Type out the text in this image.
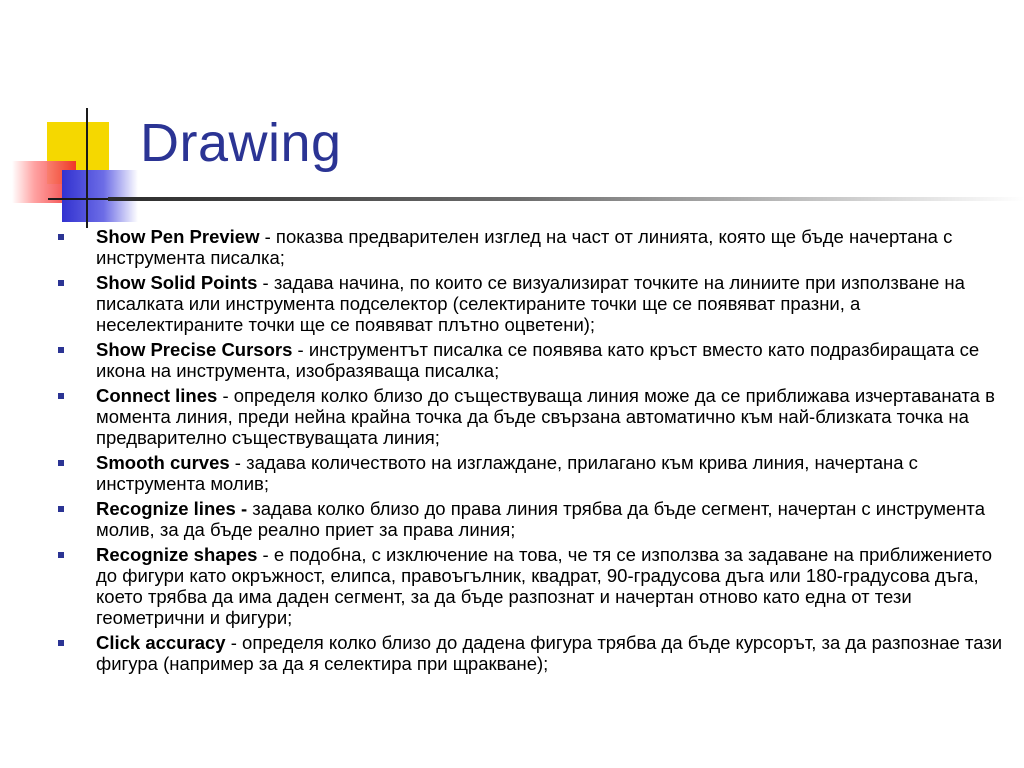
Drawing
Show Pen Preview - показва предварителен изглед на част от линията, която ще бъде начертана с инструмента писалка;
Show Solid Points - задава начина, по които се визуализират точките на линиите при използване на писалката или инструмента подселектор (селектираните точки ще се появяват празни, а неселектираните точки ще се появяват плътно оцветени);
Show Precise Cursors - инструментът писалка се появява като кръст вместо като подразбиращата се икона на инструмента, изобразяваща писалка;
Connect lines - определя колко близо до съществуваща линия може да се приближава изчертаваната в момента линия, преди нейна крайна точка да бъде свързана автоматично към най-близката точка на предварително съществуващата линия;
Smooth curves - задава количеството на изглаждане, прилагано към крива линия, начертана с инструмента молив;
Recognize lines - задава колко близо до права линия трябва да бъде сегмент, начертан с инструмента молив, за да бъде реално приет за права линия;
Recognize shapes - е подобна, с изключение на това, че тя се използва за задаване на приближението до фигури като окръжност, елипса, правоъгълник, квадрат, 90-градусова дъга или 180-градусова дъга, което трябва да има даден сегмент, за да бъде разпознат и начертан отново като една от тези геометрични и фигури;
Click accuracy - определя колко близо до дадена фигура трябва да бъде курсорът, за да разпознае тази фигура (например за да я селектира при щракване);
